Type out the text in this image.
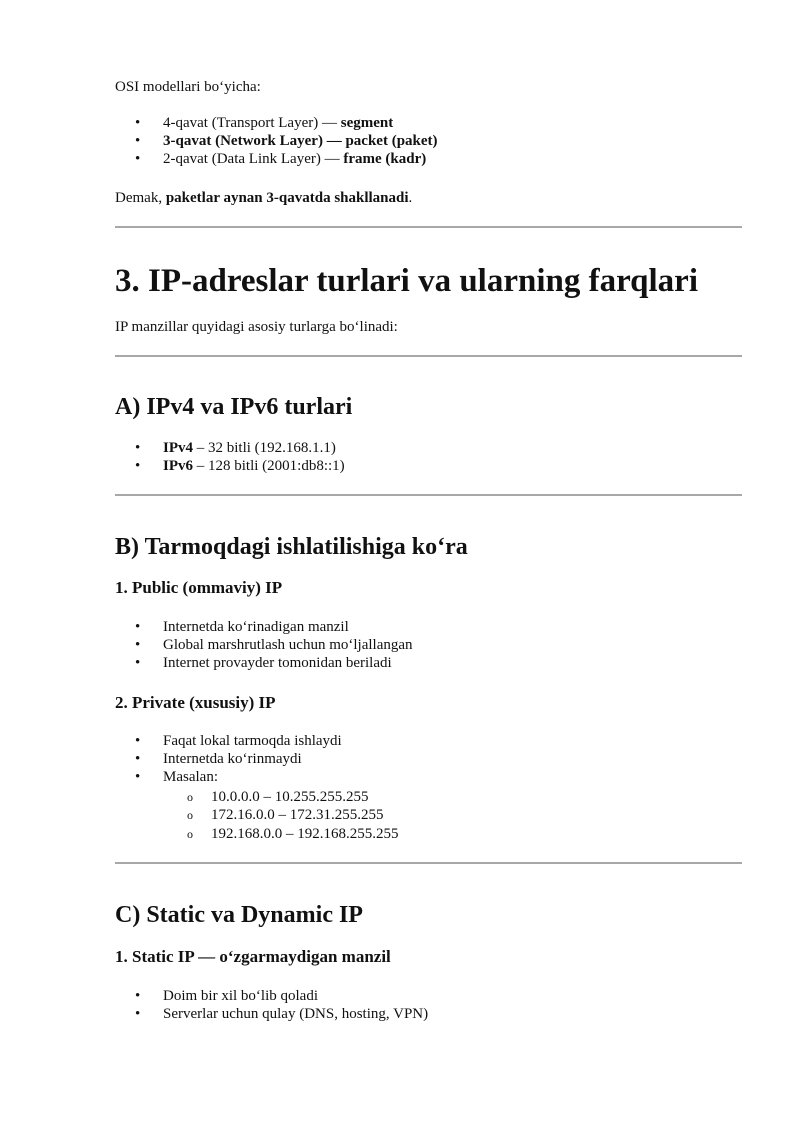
OSI modellari bo‘yicha:
• 4-qavat (Transport Layer) — segment
• 3-qavat (Network Layer) — packet (paket)
• 2-qavat (Data Link Layer) — frame (kadr)
Demak, paketlar aynan 3-qavatda shakllanadi.
3. IP-adreslar turlari va ularning farqlari
IP manzillar quyidagi asosiy turlarga bo‘linadi:
A) IPv4 va IPv6 turlari
• IPv4 – 32 bitli (192.168.1.1)
• IPv6 – 128 bitli (2001:db8::1)
B) Tarmoqdagi ishlatilishiga ko‘ra
1. Public (ommaviy) IP
• Internetda ko‘rinadigan manzil
• Global marshrutlash uchun mo‘ljallangan
• Internet provayder tomonidan beriladi
2. Private (xususiy) IP
• Faqat lokal tarmoqda ishlaydi
• Internetda ko‘rinmaydi
• Masalan:
o 10.0.0.0 – 10.255.255.255
o 172.16.0.0 – 172.31.255.255
o 192.168.0.0 – 192.168.255.255
C) Static va Dynamic IP
1. Static IP — o‘zgarmaydigan manzil
• Doim bir xil bo‘lib qoladi
• Serverlar uchun qulay (DNS, hosting, VPN)
